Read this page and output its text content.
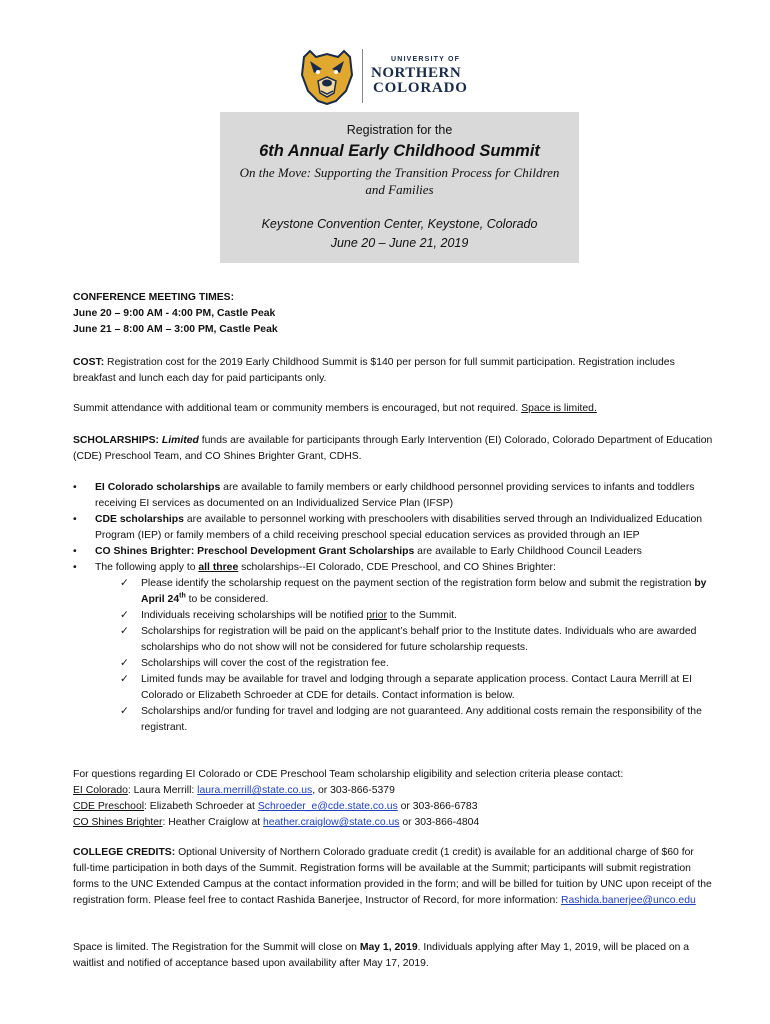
UNIVERSITY OF
NORTHERN
COLORADO
Registration for the
6th Annual Early Childhood Summit
On the Move: Supporting the Transition Process for Children and Families
Keystone Convention Center, Keystone, Colorado
June 20 – June 21, 2019
CONFERENCE MEETING TIMES:
June 20 – 9:00 AM - 4:00 PM, Castle Peak
June 21 – 8:00 AM – 3:00 PM, Castle Peak
COST: Registration cost for the 2019 Early Childhood Summit is $140 per person for full summit participation. Registration includes breakfast and lunch each day for paid participants only.
Summit attendance with additional team or community members is encouraged, but not required. Space is limited.
SCHOLARSHIPS: Limited funds are available for participants through Early Intervention (EI) Colorado, Colorado Department of Education (CDE) Preschool Team, and CO Shines Brighter Grant, CDHS.
• EI Colorado scholarships are available to family members or early childhood personnel providing services to infants and toddlers receiving EI services as documented on an Individualized Service Plan (IFSP)
• CDE scholarships are available to personnel working with preschoolers with disabilities served through an Individualized Education Program (IEP) or family members of a child receiving preschool special education services as provided through an IEP
• CO Shines Brighter: Preschool Development Grant Scholarships are available to Early Childhood Council Leaders
• The following apply to all three scholarships--EI Colorado, CDE Preschool, and CO Shines Brighter:
✓ Please identify the scholarship request on the payment section of the registration form below and submit the registration by April 24th to be considered.
✓ Individuals receiving scholarships will be notified prior to the Summit.
✓ Scholarships for registration will be paid on the applicant’s behalf prior to the Institute dates. Individuals who are awarded scholarships who do not show will not be considered for future scholarship requests.
✓ Scholarships will cover the cost of the registration fee.
✓ Limited funds may be available for travel and lodging through a separate application process. Contact Laura Merrill at EI Colorado or Elizabeth Schroeder at CDE for details. Contact information is below.
✓ Scholarships and/or funding for travel and lodging are not guaranteed. Any additional costs remain the responsibility of the registrant.
For questions regarding EI Colorado or CDE Preschool Team scholarship eligibility and selection criteria please contact:
EI Colorado: Laura Merrill: laura.merrill@state.co.us, or 303-866-5379
CDE Preschool: Elizabeth Schroeder at Schroeder_e@cde.state.co.us or 303-866-6783
CO Shines Brighter: Heather Craiglow at heather.craiglow@state.co.us or 303-866-4804
COLLEGE CREDITS: Optional University of Northern Colorado graduate credit (1 credit) is available for an additional charge of $60 for full-time participation in both days of the Summit. Registration forms will be available at the Summit; participants will submit registration forms to the UNC Extended Campus at the contact information provided in the form; and will be billed for tuition by UNC upon receipt of the registration form. Please feel free to contact Rashida Banerjee, Instructor of Record, for more information: Rashida.banerjee@unco.edu
Space is limited. The Registration for the Summit will close on May 1, 2019. Individuals applying after May 1, 2019, will be placed on a waitlist and notified of acceptance based upon availability after May 17, 2019.
